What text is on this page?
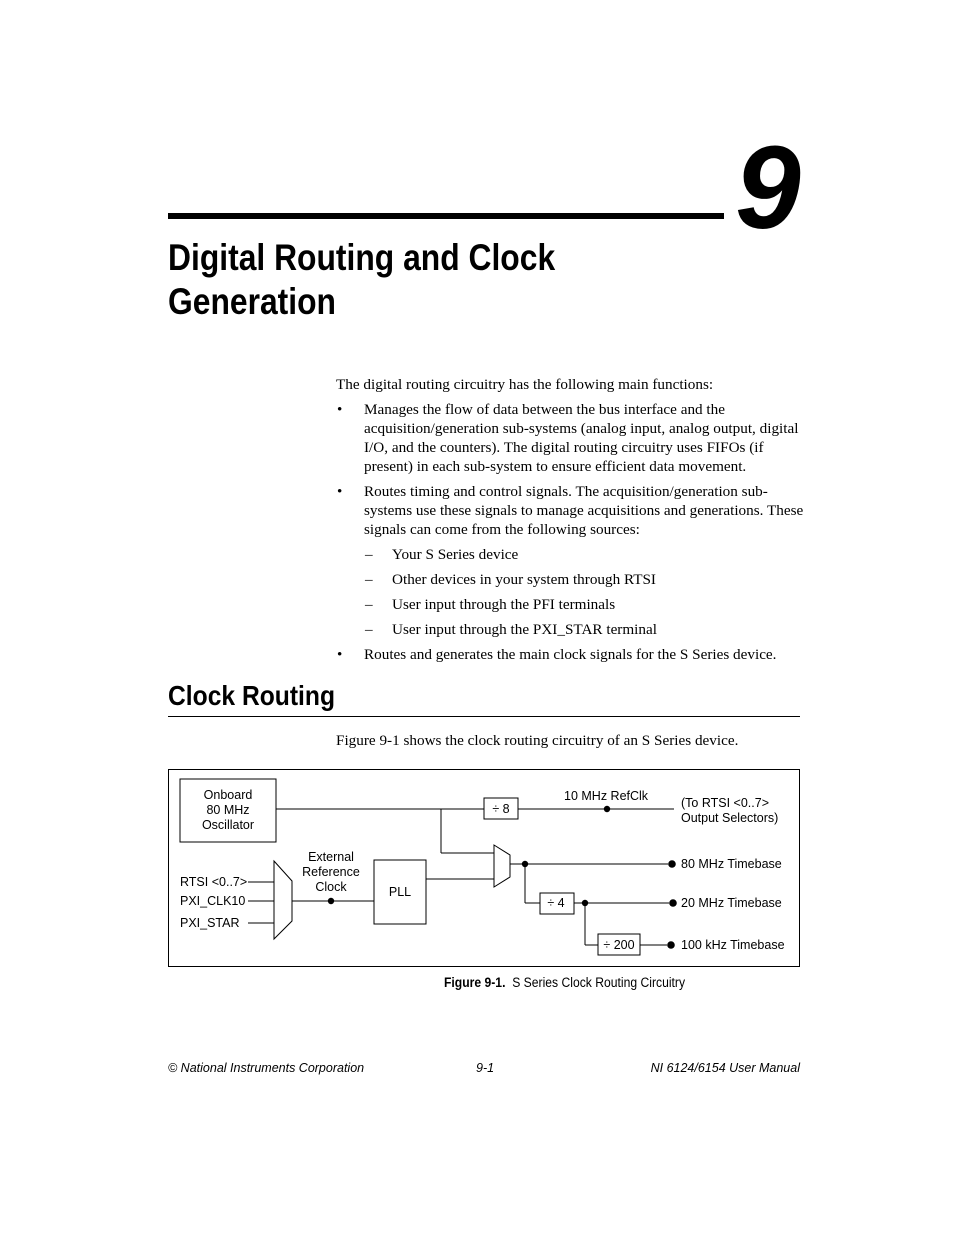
9
Digital Routing and Clock Generation

The digital routing circuitry has the following main functions:

• Manages the flow of data between the bus interface and the acquisition/generation sub-systems (analog input, analog output, digital I/O, and the counters). The digital routing circuitry uses FIFOs (if present) in each sub-system to ensure efficient data movement.
• Routes timing and control signals. The acquisition/generation sub-systems use these signals to manage acquisitions and generations. These signals can come from the following sources:
– Your S Series device
– Other devices in your system through RTSI
– User input through the PFI terminals
– User input through the PXI_STAR terminal
• Routes and generates the main clock signals for the S Series device.
Clock Routing

Figure 9-1 shows the clock routing circuitry of an S Series device.

Onboard
80 MHz
Oscillator
÷ 8
10 MHz RefClk	(To RTSI <0..7>
Output Selectors)
RTSI <0..7>
PXI_CLK10
PXI_STAR
External
Reference
Clock	PLL
80 MHz Timebase
÷ 4	20 MHz Timebase
÷ 200	100 kHz Timebase
Figure 9-1. S Series Clock Routing Circuitry
© National Instruments Corporation	9-1	NI 6124/6154 User Manual
